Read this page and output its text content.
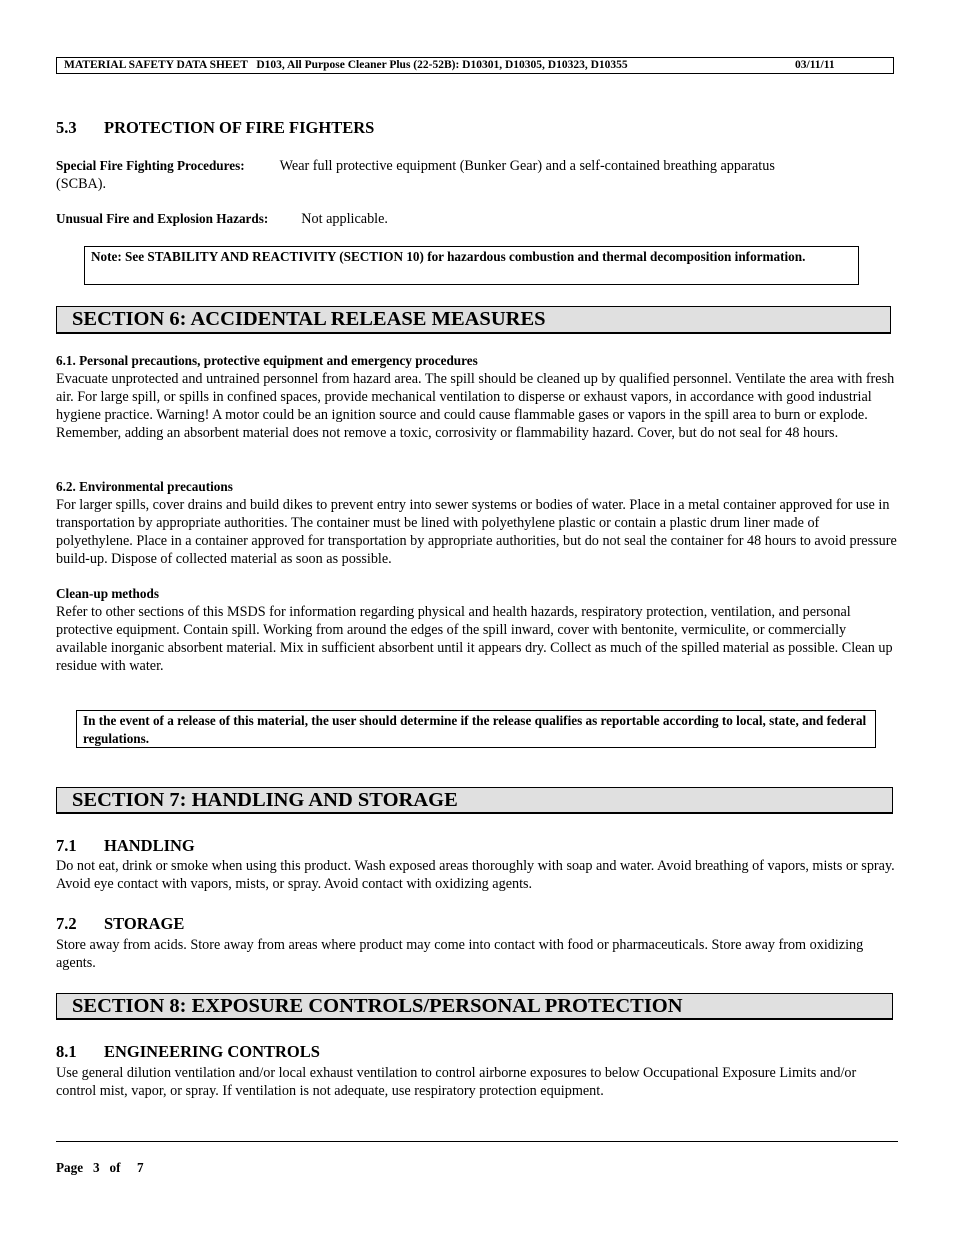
MATERIAL SAFETY DATA SHEET   D103, All Purpose Cleaner Plus (22-52B): D10301, D10305, D10323, D10355	03/11/11
5.3 PROTECTION OF FIRE FIGHTERS
Special Fire Fighting Procedures: Wear full protective equipment (Bunker Gear) and a self-contained breathing apparatus
(SCBA).
Unusual Fire and Explosion Hazards: Not applicable.
Note: See STABILITY AND REACTIVITY (SECTION 10) for hazardous combustion and thermal decomposition information.
SECTION 6: ACCIDENTAL RELEASE MEASURES
6.1. Personal precautions, protective equipment and emergency procedures
Evacuate unprotected and untrained personnel from hazard area. The spill should be cleaned up by qualified personnel. Ventilate the area with fresh air. For large spill, or spills in confined spaces, provide mechanical ventilation to disperse or exhaust vapors, in accordance with good industrial hygiene practice. Warning! A motor could be an ignition source and could cause flammable gases or vapors in the spill area to burn or explode. Remember, adding an absorbent material does not remove a toxic, corrosivity or flammability hazard. Cover, but do not seal for 48 hours.
6.2. Environmental precautions
For larger spills, cover drains and build dikes to prevent entry into sewer systems or bodies of water. Place in a metal container approved for use in transportation by appropriate authorities. The container must be lined with polyethylene plastic or contain a plastic drum liner made of polyethylene. Place in a container approved for transportation by appropriate authorities, but do not seal the container for 48 hours to avoid pressure build-up. Dispose of collected material as soon as possible.
Clean-up methods
Refer to other sections of this MSDS for information regarding physical and health hazards, respiratory protection, ventilation, and personal protective equipment. Contain spill. Working from around the edges of the spill inward, cover with bentonite, vermiculite, or commercially available inorganic absorbent material. Mix in sufficient absorbent until it appears dry. Collect as much of the spilled material as possible. Clean up residue with water.
In the event of a release of this material, the user should determine if the release qualifies as reportable according to local, state, and federal regulations.
SECTION 7: HANDLING AND STORAGE
7.1 HANDLING
Do not eat, drink or smoke when using this product. Wash exposed areas thoroughly with soap and water. Avoid breathing of vapors, mists or spray. Avoid eye contact with vapors, mists, or spray. Avoid contact with oxidizing agents.
7.2 STORAGE
Store away from acids. Store away from areas where product may come into contact with food or pharmaceuticals. Store away from oxidizing agents.
SECTION 8: EXPOSURE CONTROLS/PERSONAL PROTECTION
8.1 ENGINEERING CONTROLS
Use general dilution ventilation and/or local exhaust ventilation to control airborne exposures to below Occupational Exposure Limits and/or control mist, vapor, or spray. If ventilation is not adequate, use respiratory protection equipment.
Page   3   of     7
